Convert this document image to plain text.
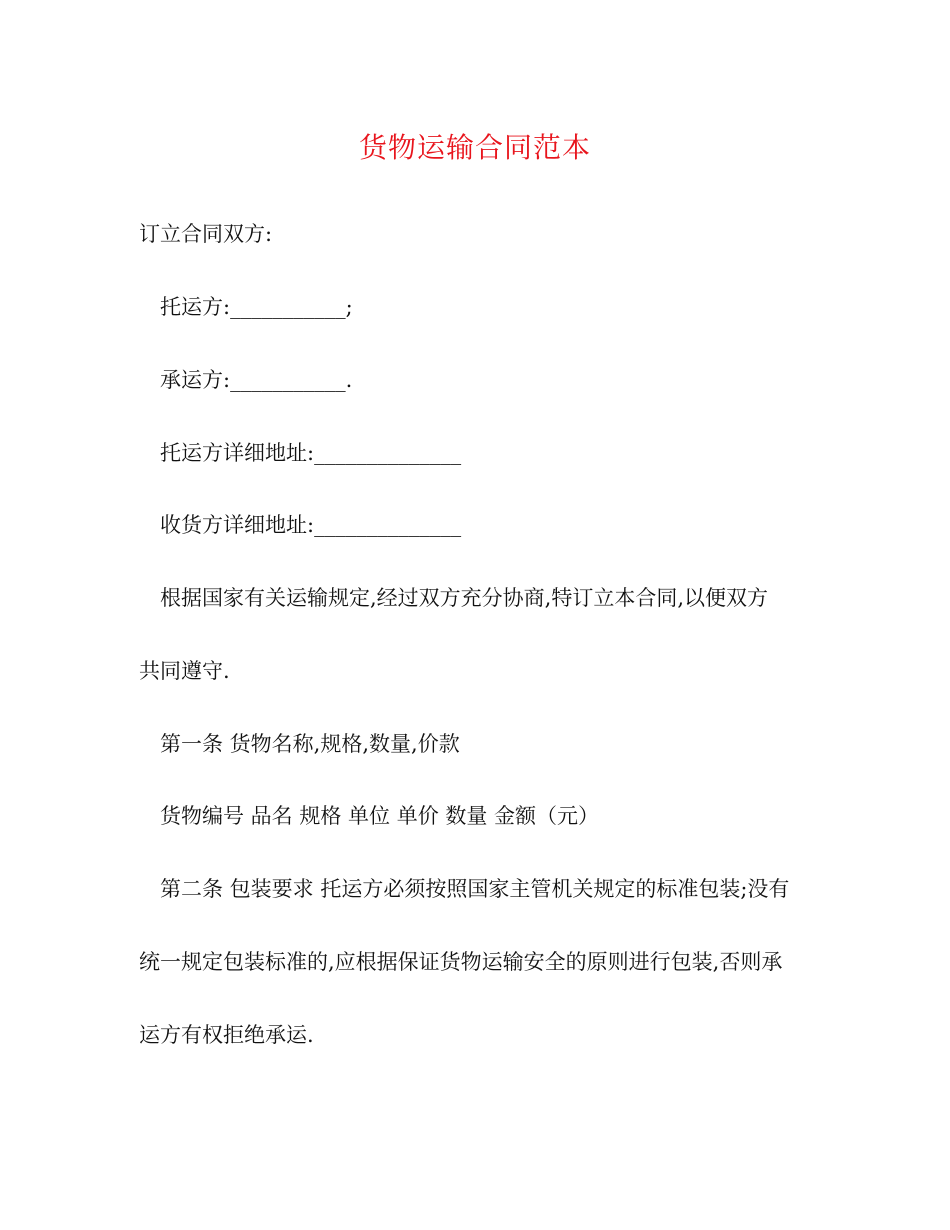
货物运输合同范本
订立合同双方:
托运方:___________;
承运方:___________.
托运方详细地址:______________
收货方详细地址:______________
根据国家有关运输规定,经过双方充分协商,特订立本合同,以便双方
共同遵守.
第一条 货物名称,规格,数量,价款
货物编号 品名 规格 单位 单价 数量 金额（元）
第二条 包装要求 托运方必须按照国家主管机关规定的标准包装;没有
统一规定包装标准的,应根据保证货物运输安全的原则进行包装,否则承
运方有权拒绝承运.
